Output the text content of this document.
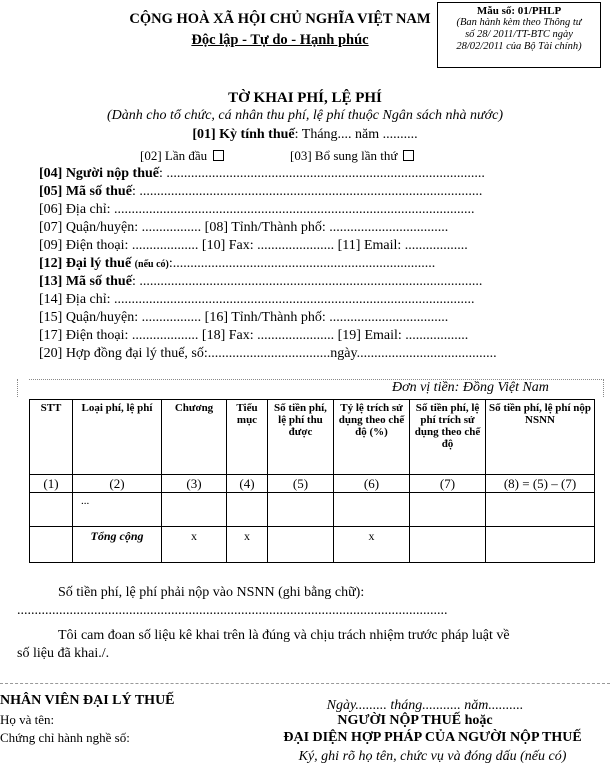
CỘNG HOÀ XÃ HỘI CHỦ NGHĨA VIỆT NAM
Độc lập - Tự do - Hạnh phúc
Mẫu số: 01/PHLP
(Ban hành kèm theo Thông tư
số 28/ 2011/TT-BTC ngày
28/02/2011 của Bộ Tài chính)
TỜ KHAI PHÍ, LỆ PHÍ
(Dành cho tổ chức, cá nhân thu phí, lệ phí thuộc Ngân sách nhà nước)
[01] Kỳ tính thuế: Tháng.... năm ..........
[02] Lần đầu	[03] Bổ sung lần thứ
[04] Người nộp thuế: ...........................................................................................
[05] Mã số thuế: ..................................................................................................
[06] Địa chỉ: .......................................................................................................
[07] Quận/huyện: ................. [08] Tỉnh/Thành phố: ..................................
[09] Điện thoại: ................... [10] Fax: ...................... [11] Email: ..................
[12] Đại lý thuế (nếu có):...........................................................................
[13] Mã số thuế: ..................................................................................................
[14] Địa chỉ: .......................................................................................................
[15] Quận/huyện: ................. [16] Tỉnh/Thành phố: ..................................
[17] Điện thoại: ................... [18] Fax: ...................... [19] Email: ..................
[20] Hợp đồng đại lý thuế, số:...................................ngày........................................
Đơn vị tiền: Đồng Việt Nam
STT	Loại phí, lệ phí	Chương	Tiểu mục	Số tiền phí, lệ phí thu được	Tỷ lệ trích sử dụng theo chế độ (%)	Số tiền phí, lệ phí trích sử dụng theo chế độ	Số tiền phí, lệ phí nộp NSNN
(1)	(2)	(3)	(4)	(5)	(6)	(7)	(8) = (5) – (7)
	...						
	Tổng cộng	x	x		x		
Số tiền phí, lệ phí phải nộp vào NSNN (ghi bằng chữ):
...........................................................................................................................
Tôi cam đoan số liệu kê khai trên là đúng và chịu trách nhiệm trước pháp luật về
số liệu đã khai./.
NHÂN VIÊN ĐẠI LÝ THUẾ
Họ và tên:
Chứng chỉ hành nghề số:
Ngày......... tháng........... năm..........
NGƯỜI NỘP THUẾ hoặc
ĐẠI DIỆN HỢP PHÁP CỦA NGƯỜI NỘP THUẾ
Ký, ghi rõ họ tên, chức vụ và đóng dấu (nếu có)
